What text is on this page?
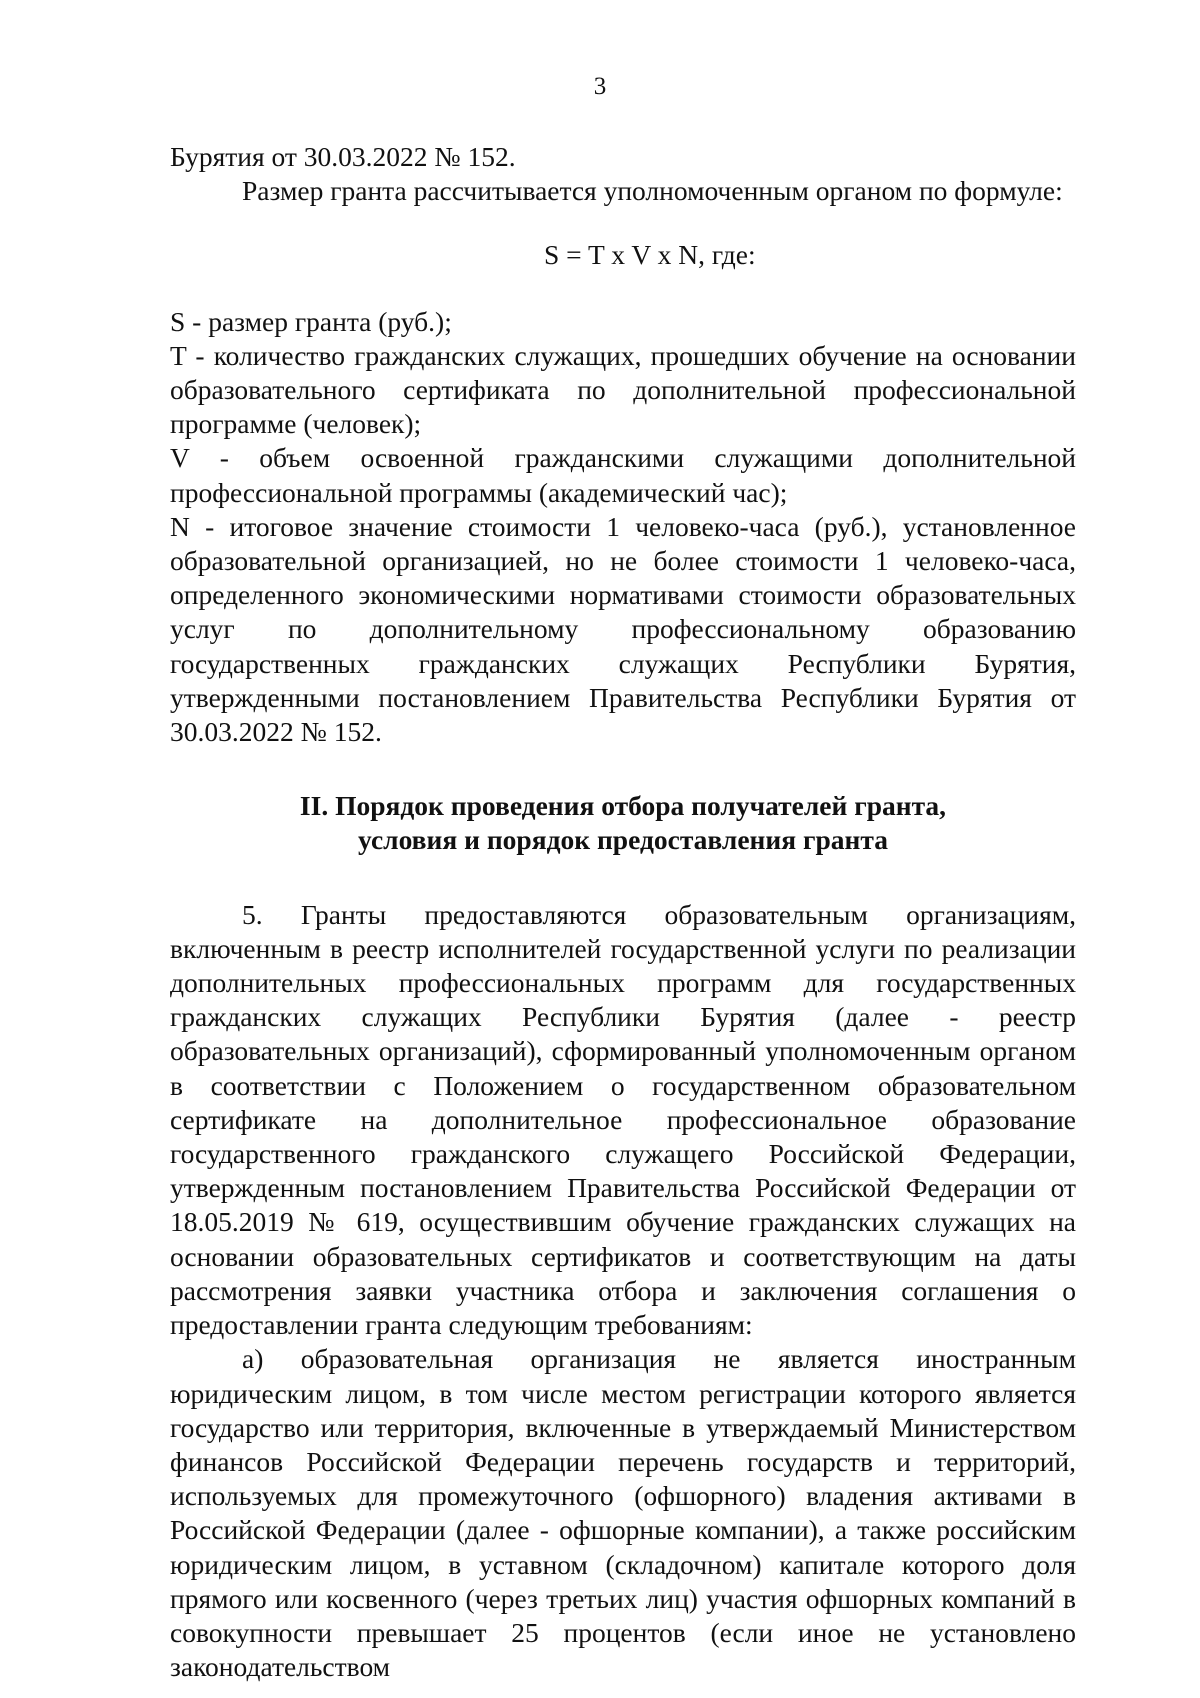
3

Бурятия от 30.03.2022 № 152.

Размер гранта рассчитывается уполномоченным органом по формуле:

S = T x V x N, где:

S - размер гранта (руб.);

T - количество гражданских служащих, прошедших обучение на основании образовательного сертификата по дополнительной профессиональной программе (человек);

V - объем освоенной гражданскими служащими дополнительной профессиональной программы (академический час);

N - итоговое значение стоимости 1 человеко-часа (руб.), установленное образовательной организацией, но не более стоимости 1 человеко-часа, определенного экономическими нормативами стоимости образовательных услуг по дополнительному профессиональному образованию государственных гражданских служащих Республики Бурятия, утвержденными постановлением Правительства Республики Бурятия от 30.03.2022 № 152.

II. Порядок проведения отбора получателей гранта,
условия и порядок предоставления гранта

5. Гранты предоставляются образовательным организациям, включенным в реестр исполнителей государственной услуги по реализации дополнительных профессиональных программ для государственных гражданских служащих Республики Бурятия (далее - реестр образовательных организаций), сформированный уполномоченным органом в соответствии с Положением о государственном образовательном сертификате на дополнительное профессиональное образование государственного гражданского служащего Российской Федерации, утвержденным постановлением Правительства Российской Федерации от 18.05.2019 № 619, осуществившим обучение гражданских служащих на основании образовательных сертификатов и соответствующим на даты рассмотрения заявки участника отбора и заключения соглашения о предоставлении гранта следующим требованиям:

а) образовательная организация не является иностранным юридическим лицом, в том числе местом регистрации которого является государство или территория, включенные в утверждаемый Министерством финансов Российской Федерации перечень государств и территорий, используемых для промежуточного (офшорного) владения активами в Российской Федерации (далее - офшорные компании), а также российским юридическим лицом, в уставном (складочном) капитале которого доля прямого или косвенного (через третьих лиц) участия офшорных компаний в совокупности превышает 25 процентов (если иное не установлено законодательством
